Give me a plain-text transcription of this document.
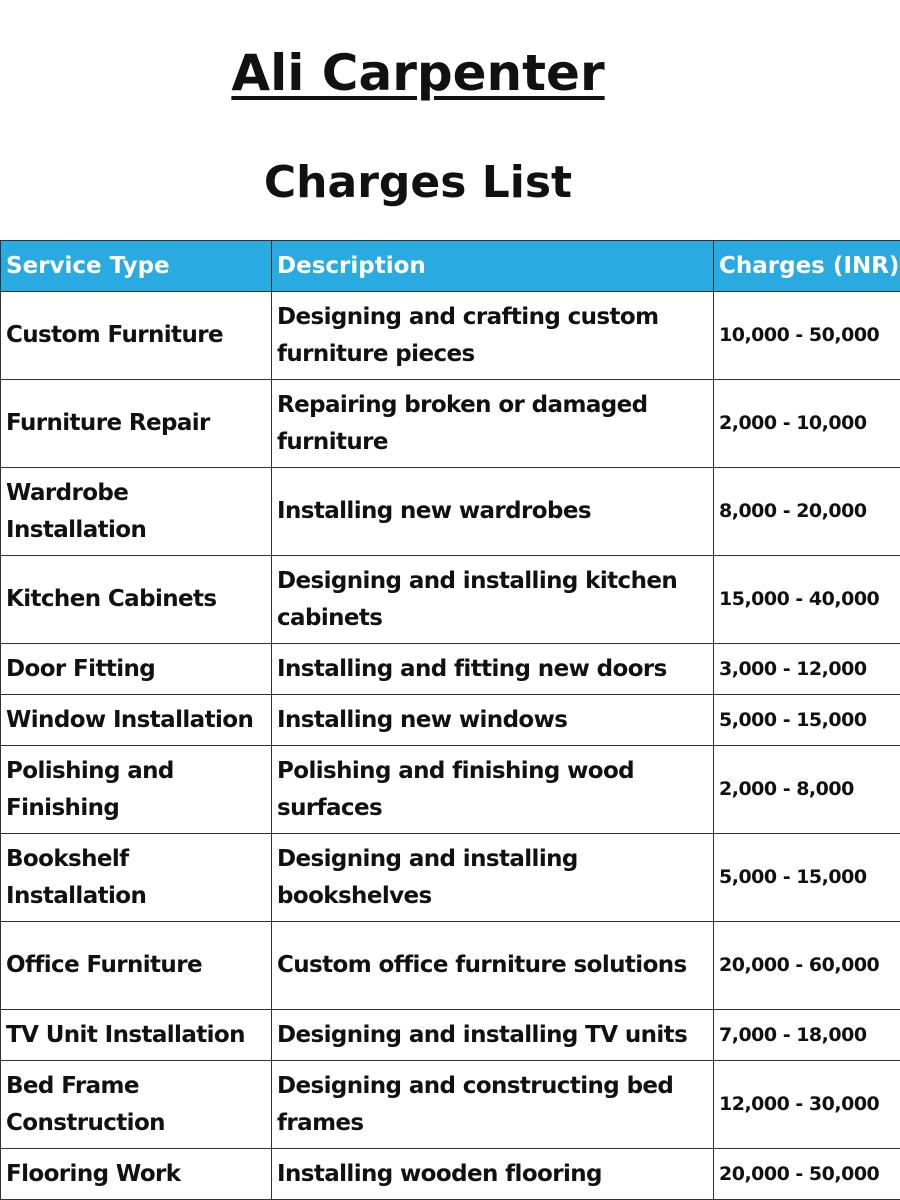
Ali Carpenter
Charges List
Service Type	Description	Charges (INR)
Custom Furniture	Designing and crafting custom furniture pieces	10,000 - 50,000
Furniture Repair	Repairing broken or damaged furniture	2,000 - 10,000
Wardrobe Installation	Installing new wardrobes	8,000 - 20,000
Kitchen Cabinets	Designing and installing kitchen cabinets	15,000 - 40,000
Door Fitting	Installing and fitting new doors	3,000 - 12,000
Window Installation	Installing new windows	5,000 - 15,000
Polishing and Finishing	Polishing and finishing wood surfaces	2,000 - 8,000
Bookshelf Installation	Designing and installing bookshelves	5,000 - 15,000
Office Furniture	Custom office furniture solutions	20,000 - 60,000
TV Unit Installation	Designing and installing TV units	7,000 - 18,000
Bed Frame Construction	Designing and constructing bed frames	12,000 - 30,000
Flooring Work	Installing wooden flooring	20,000 - 50,000
